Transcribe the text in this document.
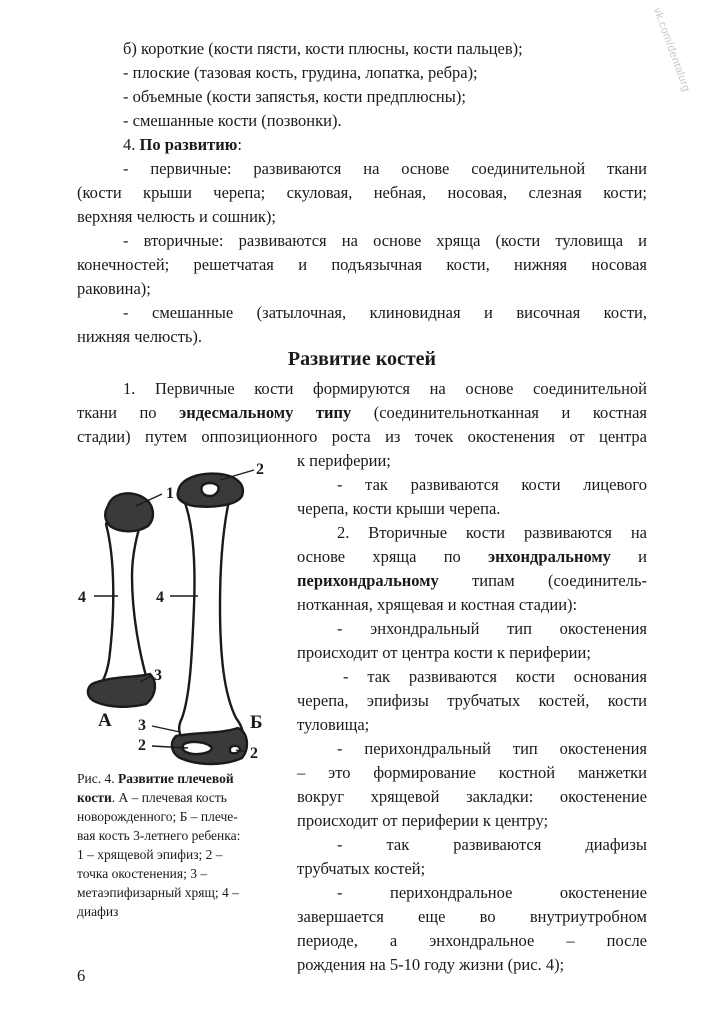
vk.com/dentalurg
б) короткие (кости пясти, кости плюсны, кости пальцев);
- плоские (тазовая кость, грудина, лопатка, ребра);
- объемные (кости запястья, кости предплюсны);
- смешанные кости (позвонки).
4. По развитию:
- первичные: развиваются на основе соединительной ткани
(кости крыши черепа; скуловая, небная, носовая, слезная кости;
верхняя челюсть и сошник);
- вторичные: развиваются на основе хряща (кости туловища и
конечностей; решетчатая и подъязычная кости, нижняя носовая
раковина);
- смешанные (затылочная, клиновидная и височная кости,
нижняя челюсть).
Развитие костей
1. Первичные кости формируются на основе соединительной
ткани по эндесмальному типу (соединительнотканная и костная
стадии) путем оппозиционного роста из точек окостенения от центра
к периферии;
- так развиваются кости лицевого
черепа, кости крыши черепа.
2. Вторичные кости развиваются на
основе хряща по энхондральному и
перихондральному типам (соединитель-
нотканная, хрящевая и костная стадии):
- энхондральный тип окостенения
происходит от центра кости к периферии;
- так развиваются кости основания
черепа, эпифизы трубчатых костей, кости
туловища;
- перихондральный тип окостенения
– это формирование костной манжетки
вокруг хрящевой закладки: окостенение
происходит от периферии к центру;
- так развиваются диафизы
трубчатых костей;
- перихондральное окостенение
завершается еще во внутриутробном
периоде, а энхондральное – после
рождения на 5-10 году жизни (рис. 4);
1
2
4	4
3
3
2	2
А	Б
Рис. 4. Развитие плечевой
кости. А – плечевая кость
новорожденного; Б – плече-
вая кость 3-летнего ребенка:
1 – хрящевой эпифиз; 2 –
точка окостенения; 3 –
метаэпифизарный хрящ; 4 –
диафиз
6
